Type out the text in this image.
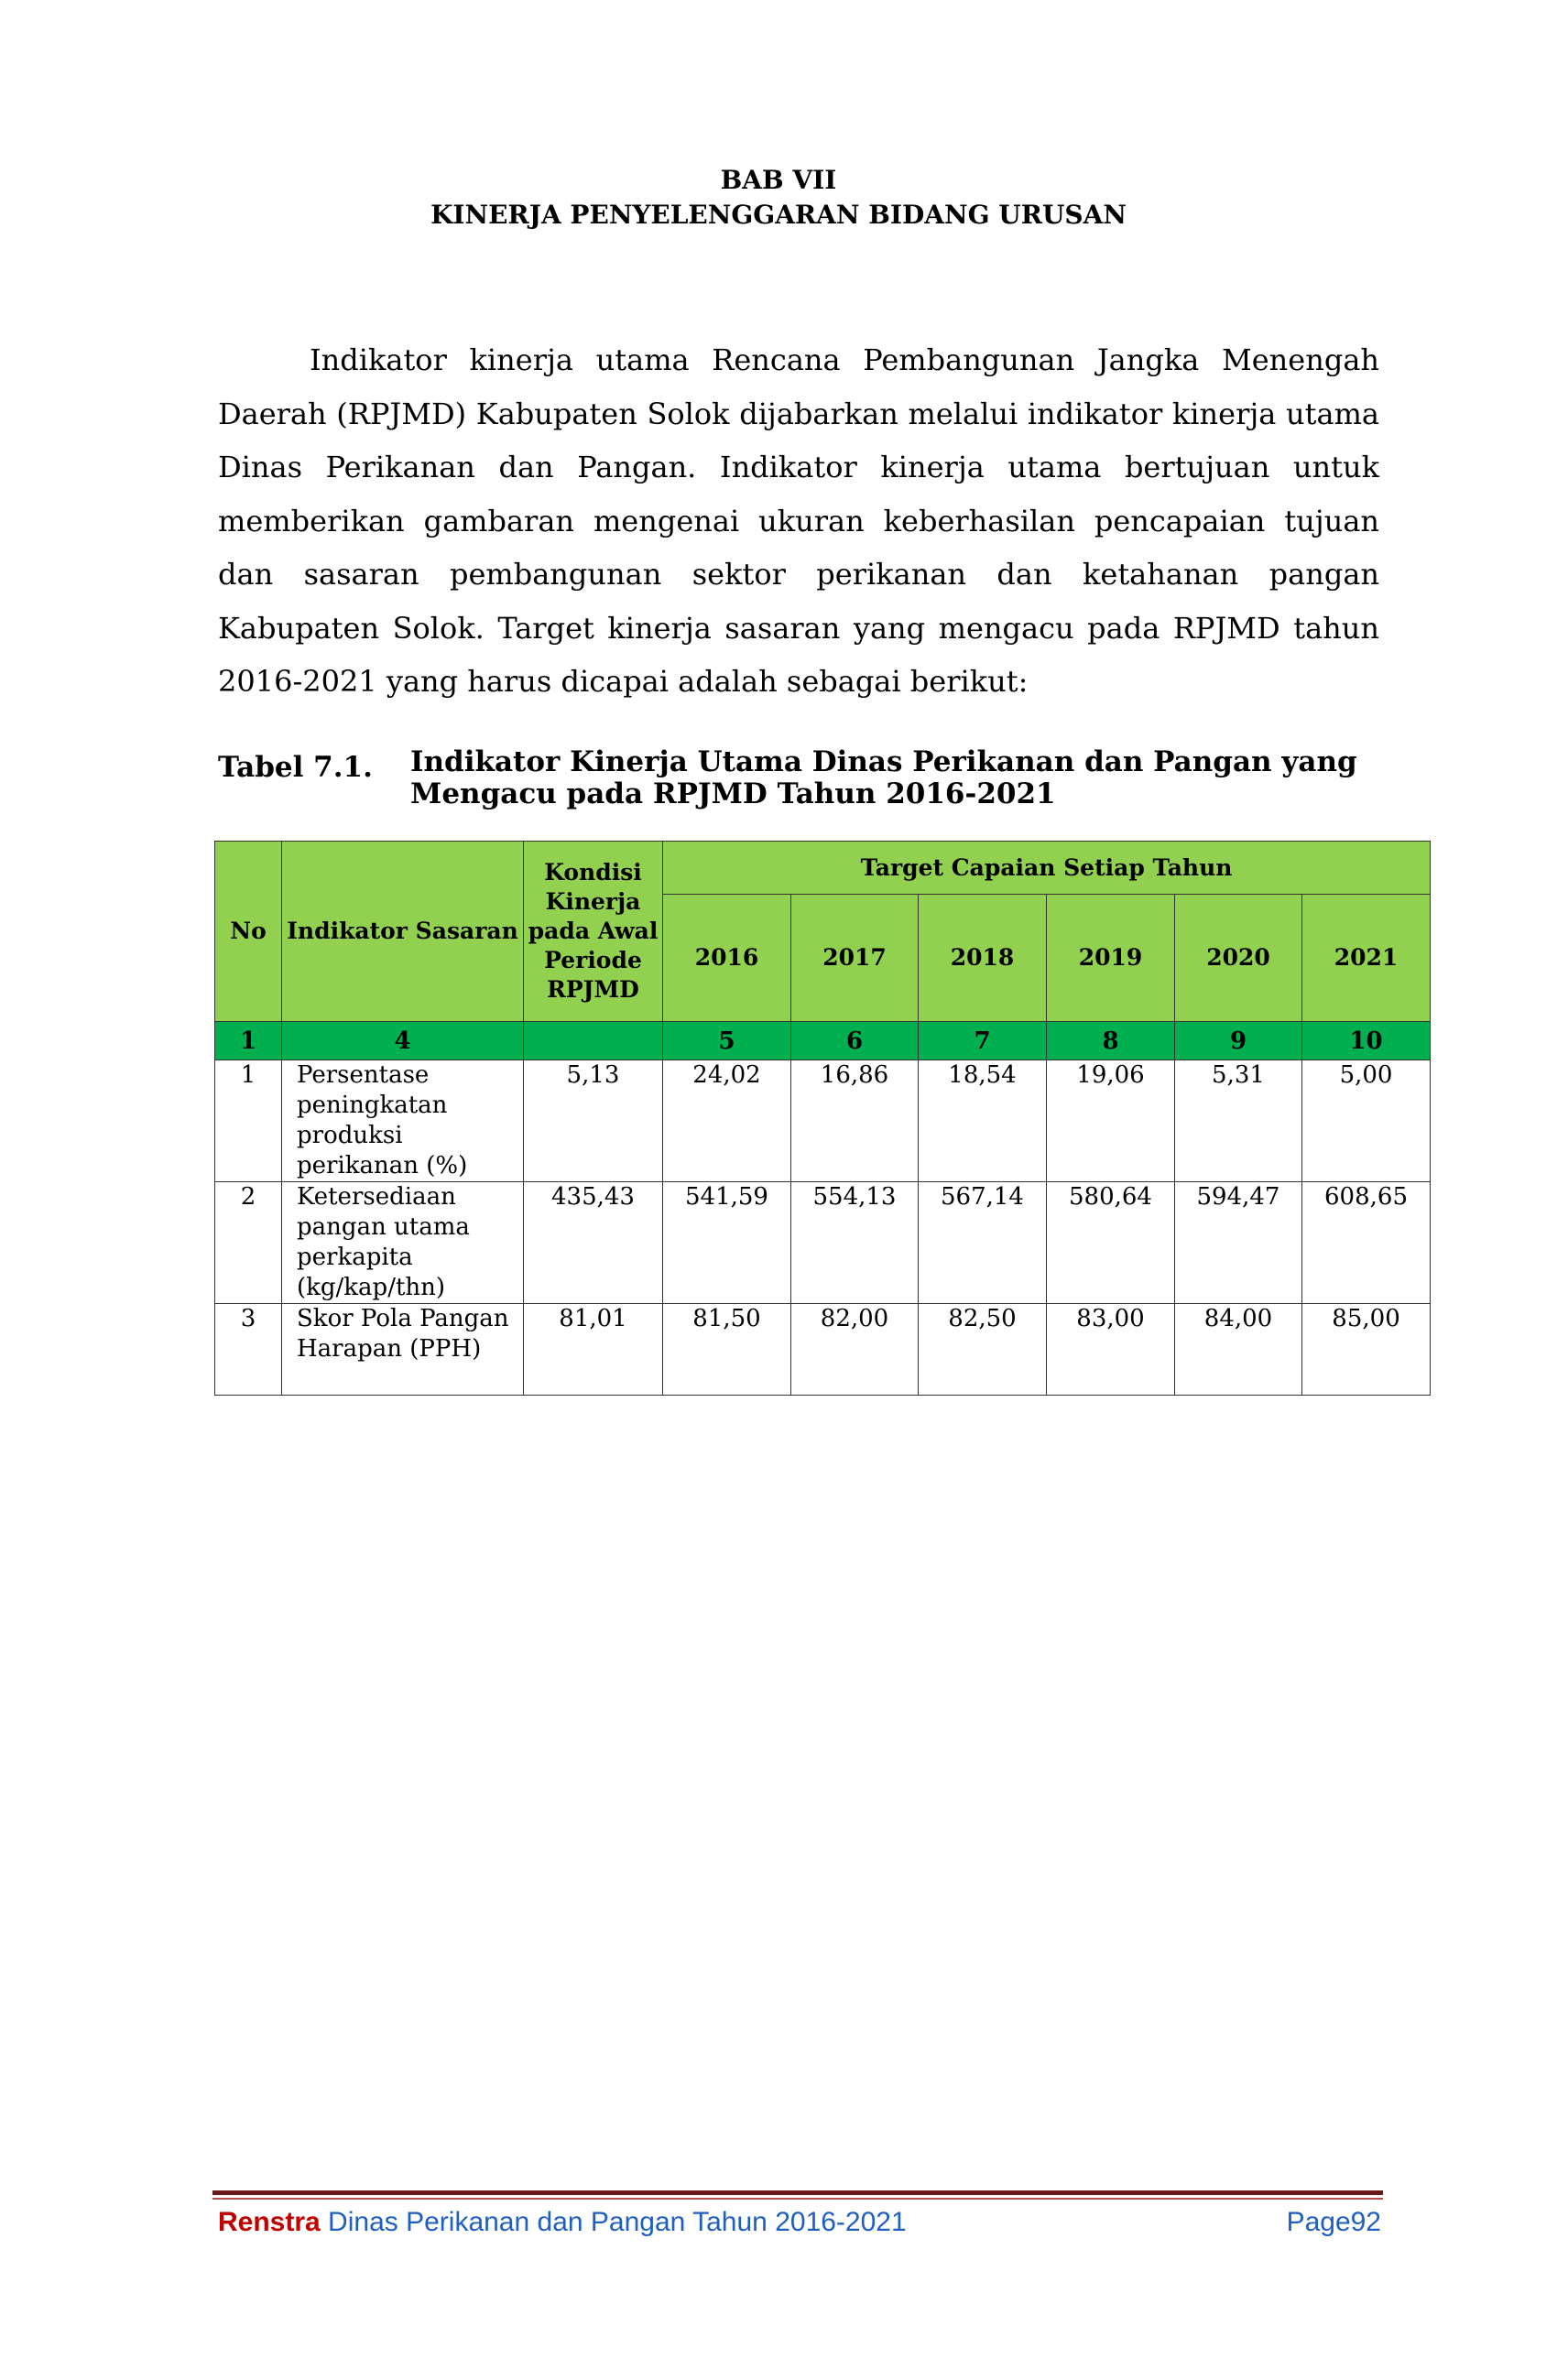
BAB VII
KINERJA PENYELENGGARAN BIDANG URUSAN

Indikator kinerja utama Rencana Pembangunan Jangka Menengah Daerah (RPJMD) Kabupaten Solok dijabarkan melalui indikator kinerja utama Dinas Perikanan dan Pangan. Indikator kinerja utama bertujuan untuk memberikan gambaran mengenai ukuran keberhasilan pencapaian tujuan dan sasaran pembangunan sektor perikanan dan ketahanan pangan Kabupaten Solok. Target kinerja sasaran yang mengacu pada RPJMD tahun 2016-2021 yang harus dicapai adalah sebagai berikut:

Tabel 7.1. Indikator Kinerja Utama Dinas Perikanan dan Pangan yang Mengacu pada RPJMD Tahun 2016-2021
No	Indikator Sasaran	Kondisi Kinerja pada Awal Periode RPJMD	Target Capaian Setiap Tahun					
			2016	2017	2018	2019	2020	2021
1	4		5	6	7	8	9	10
1	Persentase peningkatan produksi perikanan (%)	5,13	24,02	16,86	18,54	19,06	5,31	5,00
2	Ketersediaan pangan utama perkapita (kg/kap/thn)	435,43	541,59	554,13	567,14	580,64	594,47	608,65
3	Skor Pola Pangan Harapan (PPH)	81,01	81,50	82,00	82,50	83,00	84,00	85,00
Renstra Dinas Perikanan dan Pangan Tahun 2016-2021	Page92
